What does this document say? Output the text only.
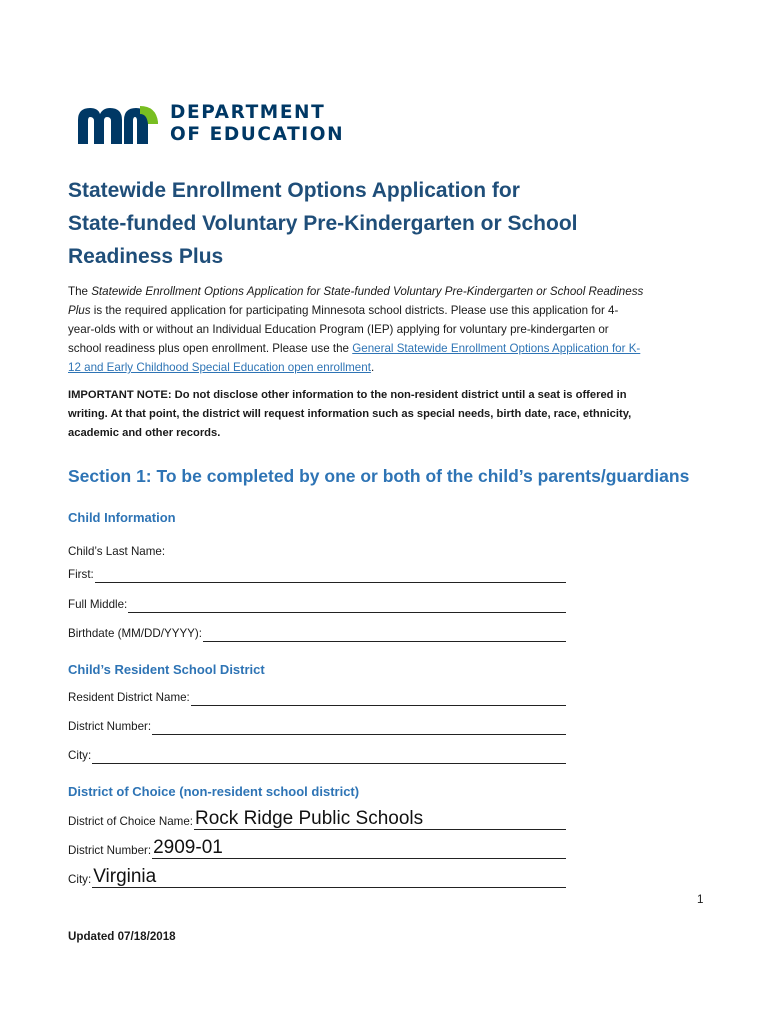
DEPARTMENT
OF EDUCATION
Statewide Enrollment Options Application for
State-funded Voluntary Pre-Kindergarten or School
Readiness Plus

The Statewide Enrollment Options Application for State-funded Voluntary Pre-Kindergarten or School Readiness
Plus is the required application for participating Minnesota school districts. Please use this application for 4-
year-olds with or without an Individual Education Program (IEP) applying for voluntary pre-kindergarten or
school readiness plus open enrollment. Please use the General Statewide Enrollment Options Application for K-
12 and Early Childhood Special Education open enrollment.

IMPORTANT NOTE: Do not disclose other information to the non-resident district until a seat is offered in
writing. At that point, the district will request information such as special needs, birth date, race, ethnicity,
academic and other records.

Section 1: To be completed by one or both of the child’s parents/guardians
Child Information
Child’s Last Name:
First:
Full Middle:
Birthdate (MM/DD/YYYY):
Child’s Resident School District
Resident District Name:
District Number:
City:
District of Choice (non-resident school district)
District of Choice Name: Rock Ridge Public Schools
District Number: 2909-01
City: Virginia
1
Updated 07/18/2018
